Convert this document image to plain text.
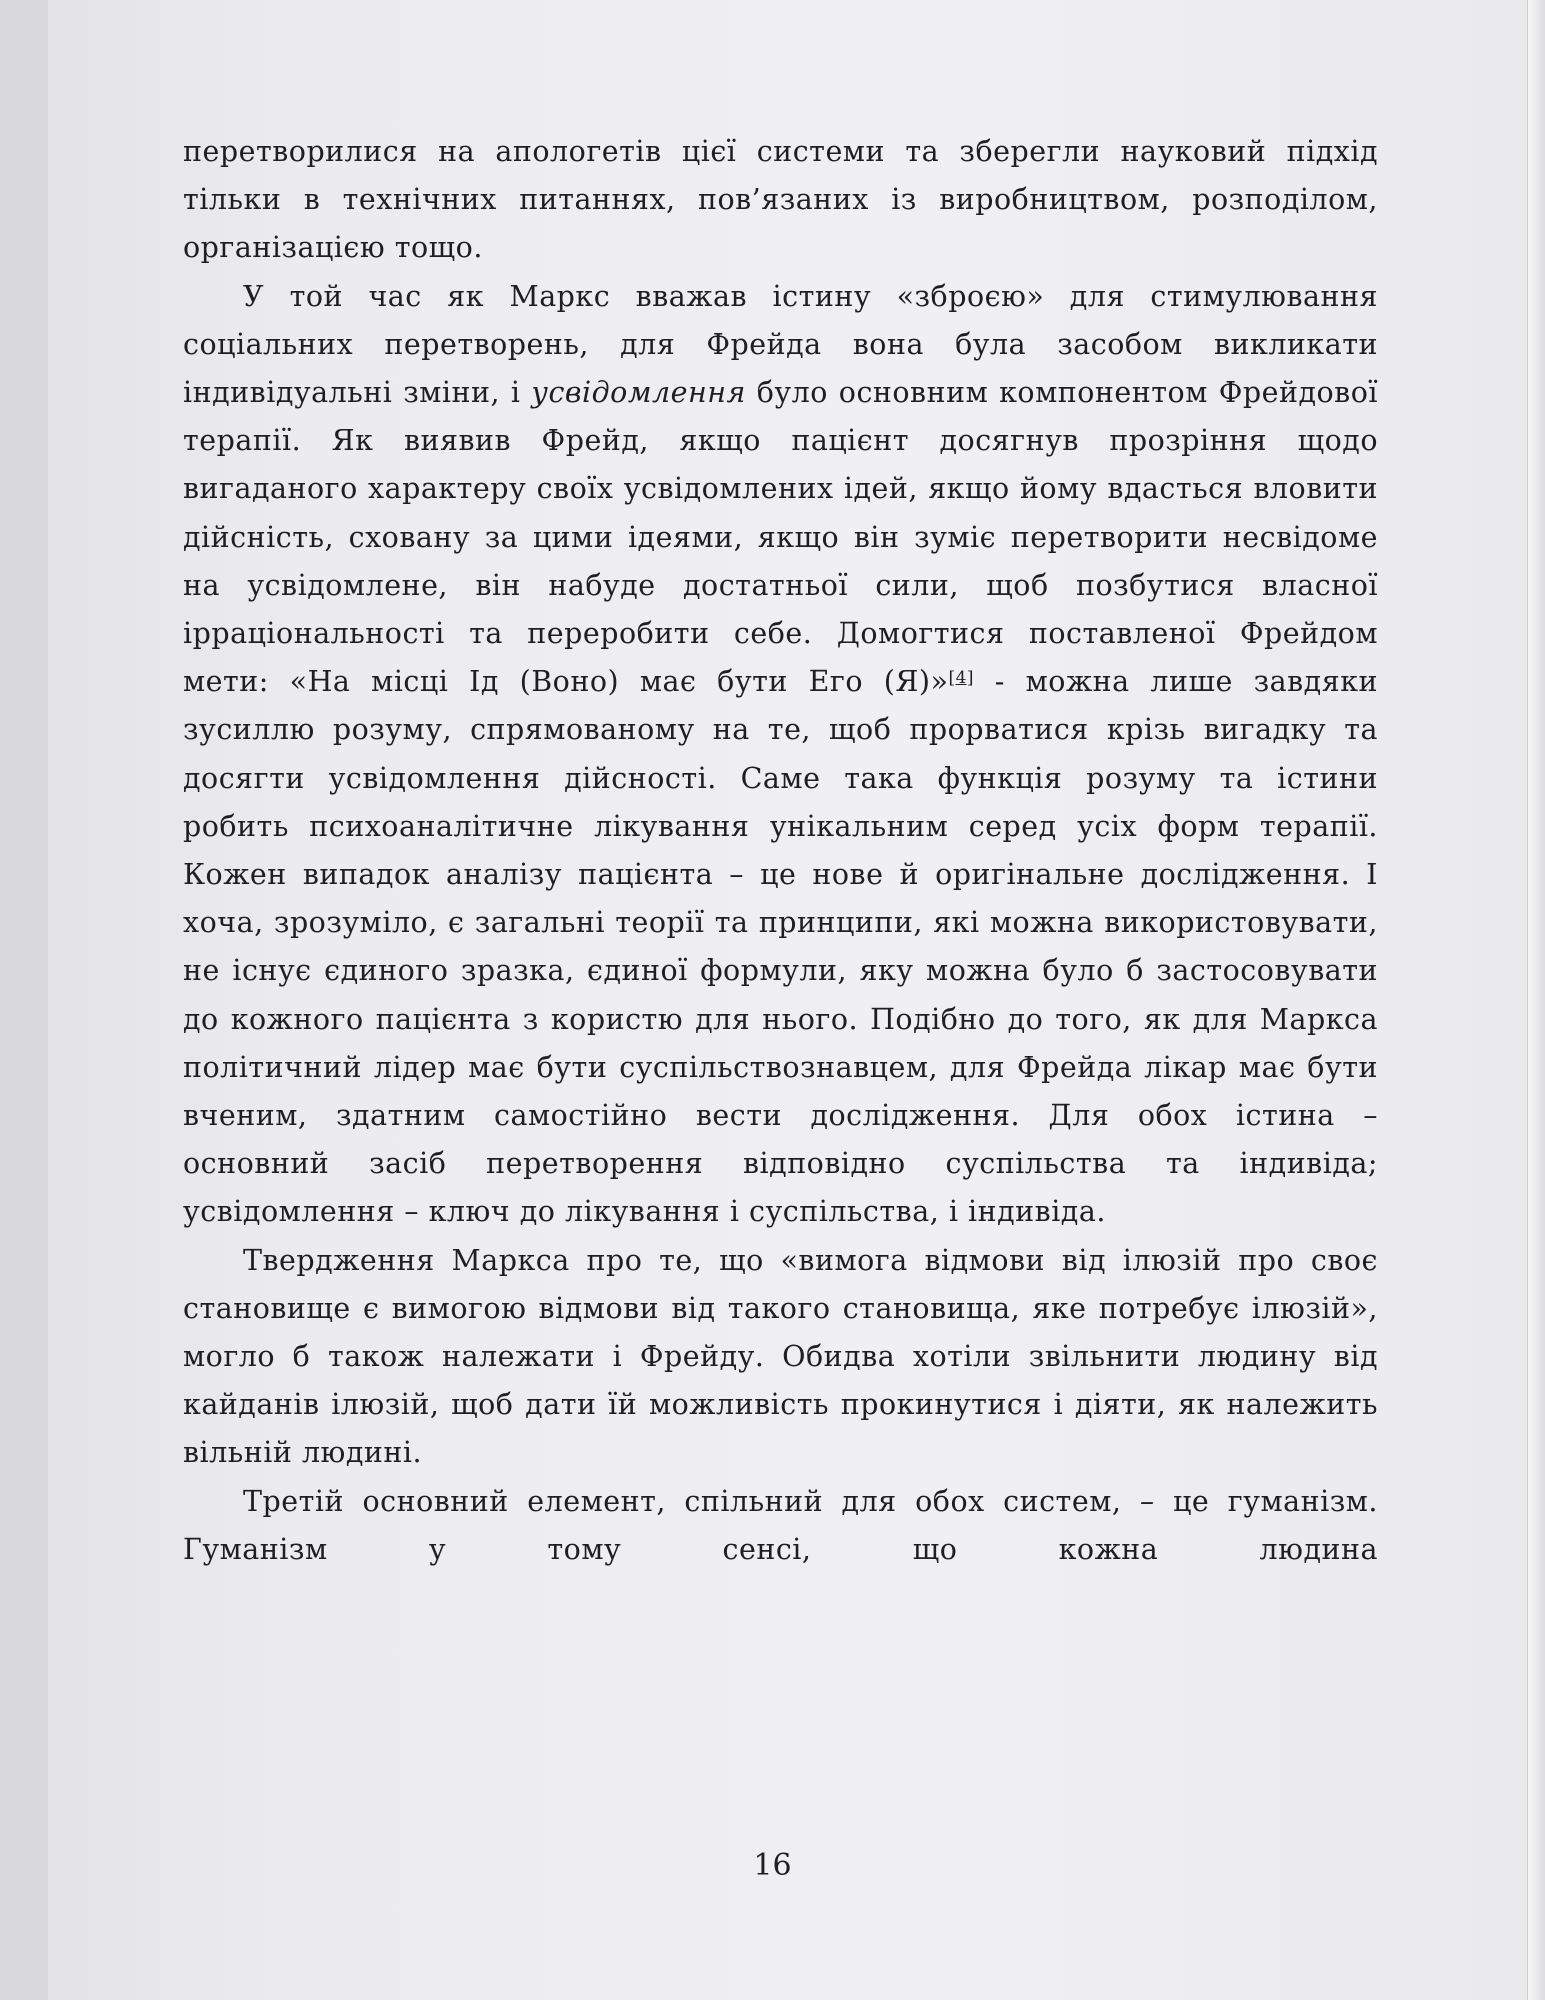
перетворилися на апологетів цієї системи та зберегли науковий підхід тільки в технічних питаннях, пов’язаних із виробництвом, розподілом, організацією тощо.

У той час як Маркс вважав істину «зброєю» для стимулювання соціальних перетворень, для Фрейда вона була засобом викликати індивідуальні зміни, і усвідомлення було основним компонентом Фрейдової терапії. Як виявив Фрейд, якщо пацієнт досягнув прозріння щодо вигаданого характеру своїх усвідомлених ідей, якщо йому вдасться вловити дійсність, сховану за цими ідеями, якщо він зуміє перетворити несвідоме на усвідомлене, він набуде достатньої сили, щоб позбутися власної ірраціональності та переробити себе. Домогтися поставленої Фрейдом мети: «На місці Ід (Воно) має бути Его (Я)»[4] - можна лише завдяки зусиллю розуму, спрямованому на те, щоб прорватися крізь вигадку та досягти усвідомлення дійсності. Саме така функція розуму та істини робить психоаналітичне лікування унікальним серед усіх форм терапії. Кожен випадок аналізу пацієнта – це нове й оригінальне дослідження. І хоча, зрозуміло, є загальні теорії та принципи, які можна використовувати, не існує єдиного зразка, єдиної формули, яку можна було б застосовувати до кожного пацієнта з користю для нього. Подібно до того, як для Маркса політичний лідер має бути суспільствознавцем, для Фрейда лікар має бути вченим, здатним самостійно вести дослідження. Для обох істина – основний засіб перетворення відповідно суспільства та індивіда; усвідомлення – ключ до лікування і суспільства, і індивіда.

Твердження Маркса про те, що «вимога відмови від ілюзій про своє становище є вимогою відмови від такого становища, яке потребує ілюзій», могло б також належати і Фрейду. Обидва хотіли звільнити людину від кайданів ілюзій, щоб дати їй можливість прокинутися і діяти, як належить вільній людині.

Третій основний елемент, спільний для обох систем, – це гуманізм. Гуманізм у тому сенсі, що кожна людина

16
